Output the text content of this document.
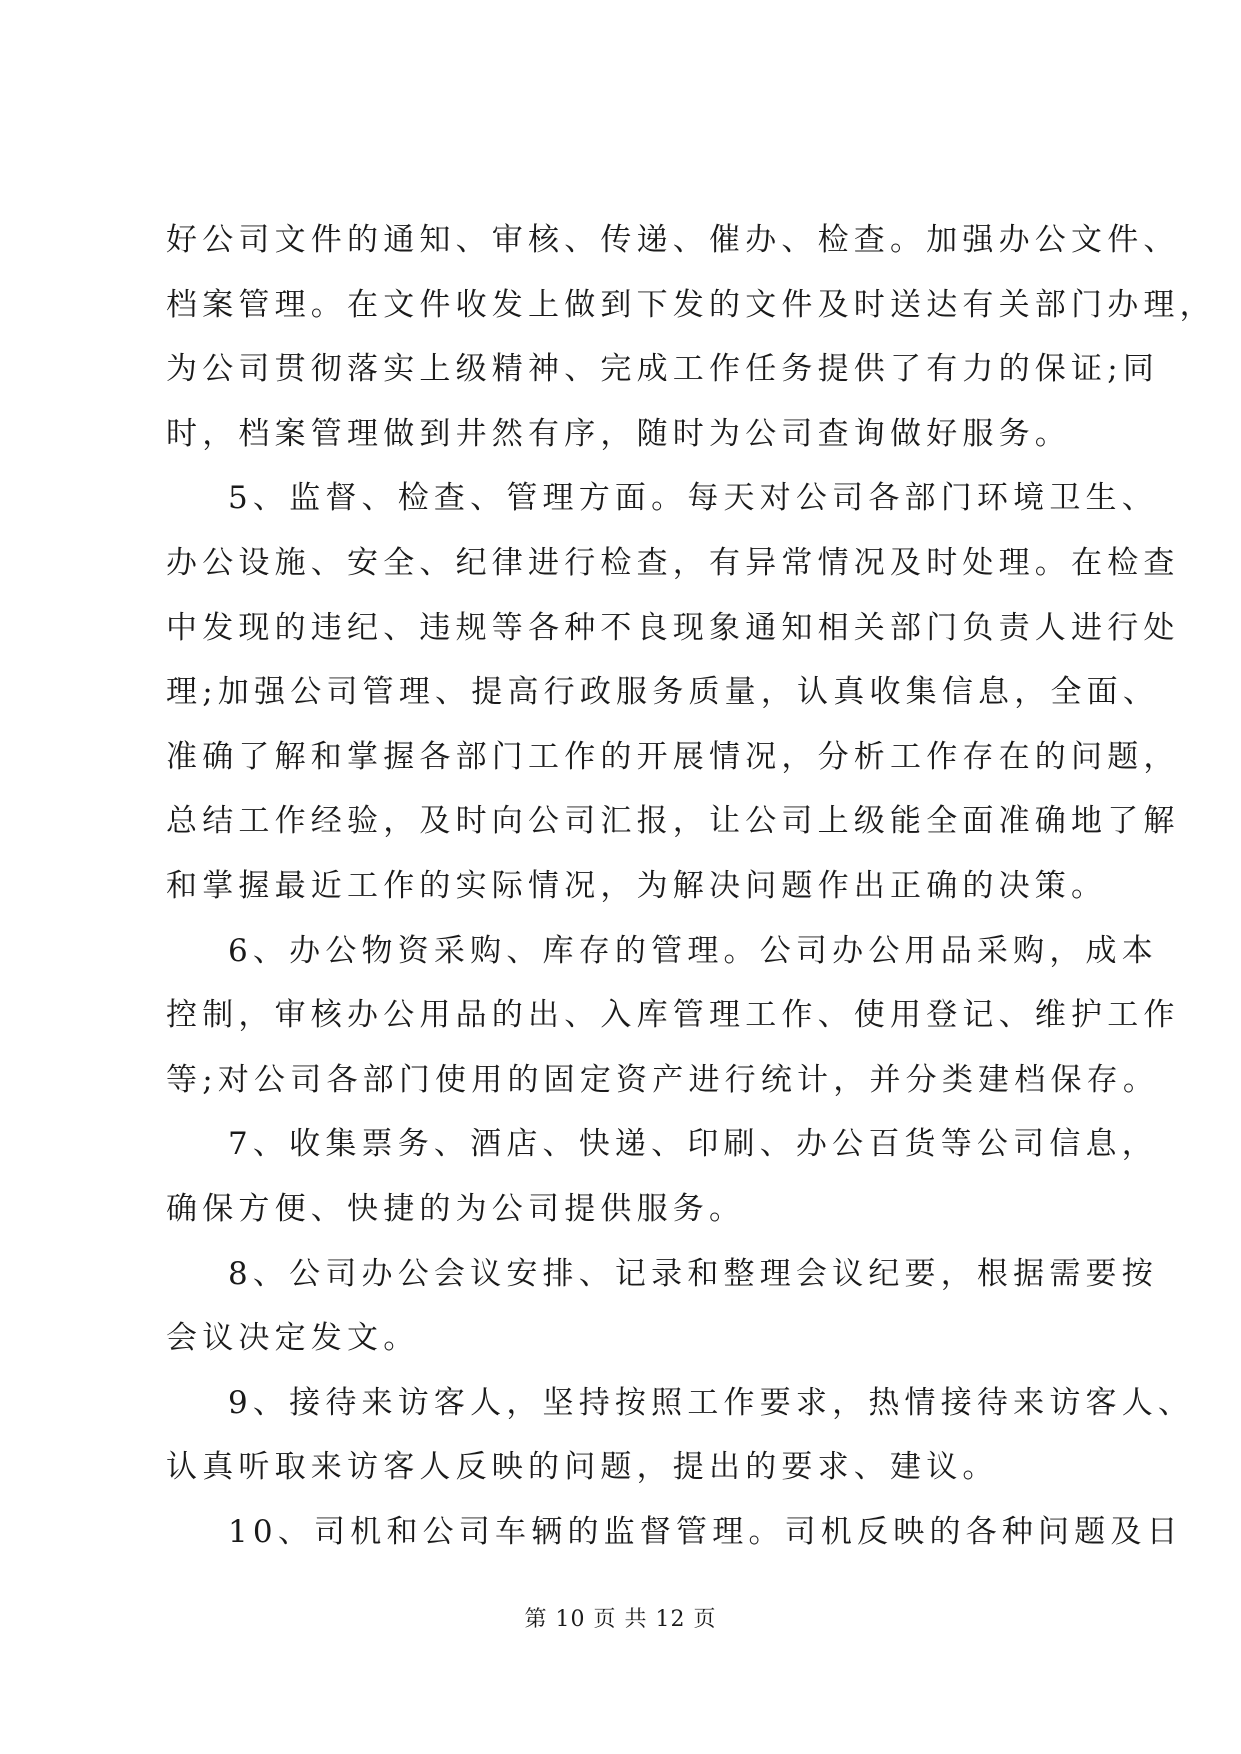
好公司文件的通知、审核、传递、催办、检查。加强办公文件、
档案管理。在文件收发上做到下发的文件及时送达有关部门办理，
为公司贯彻落实上级精神、完成工作任务提供了有力的保证;同
时，档案管理做到井然有序，随时为公司查询做好服务。
5、监督、检查、管理方面。每天对公司各部门环境卫生、
办公设施、安全、纪律进行检查，有异常情况及时处理。在检查
中发现的违纪、违规等各种不良现象通知相关部门负责人进行处
理;加强公司管理、提高行政服务质量，认真收集信息，全面、
准确了解和掌握各部门工作的开展情况，分析工作存在的问题，
总结工作经验，及时向公司汇报，让公司上级能全面准确地了解
和掌握最近工作的实际情况，为解决问题作出正确的决策。
6、办公物资采购、库存的管理。公司办公用品采购，成本
控制，审核办公用品的出、入库管理工作、使用登记、维护工作
等;对公司各部门使用的固定资产进行统计，并分类建档保存。
7、收集票务、酒店、快递、印刷、办公百货等公司信息，
确保方便、快捷的为公司提供服务。
8、公司办公会议安排、记录和整理会议纪要，根据需要按
会议决定发文。
9、接待来访客人，坚持按照工作要求，热情接待来访客人、
认真听取来访客人反映的问题，提出的要求、建议。
10、司机和公司车辆的监督管理。司机反映的各种问题及日
第 10 页 共 12 页
